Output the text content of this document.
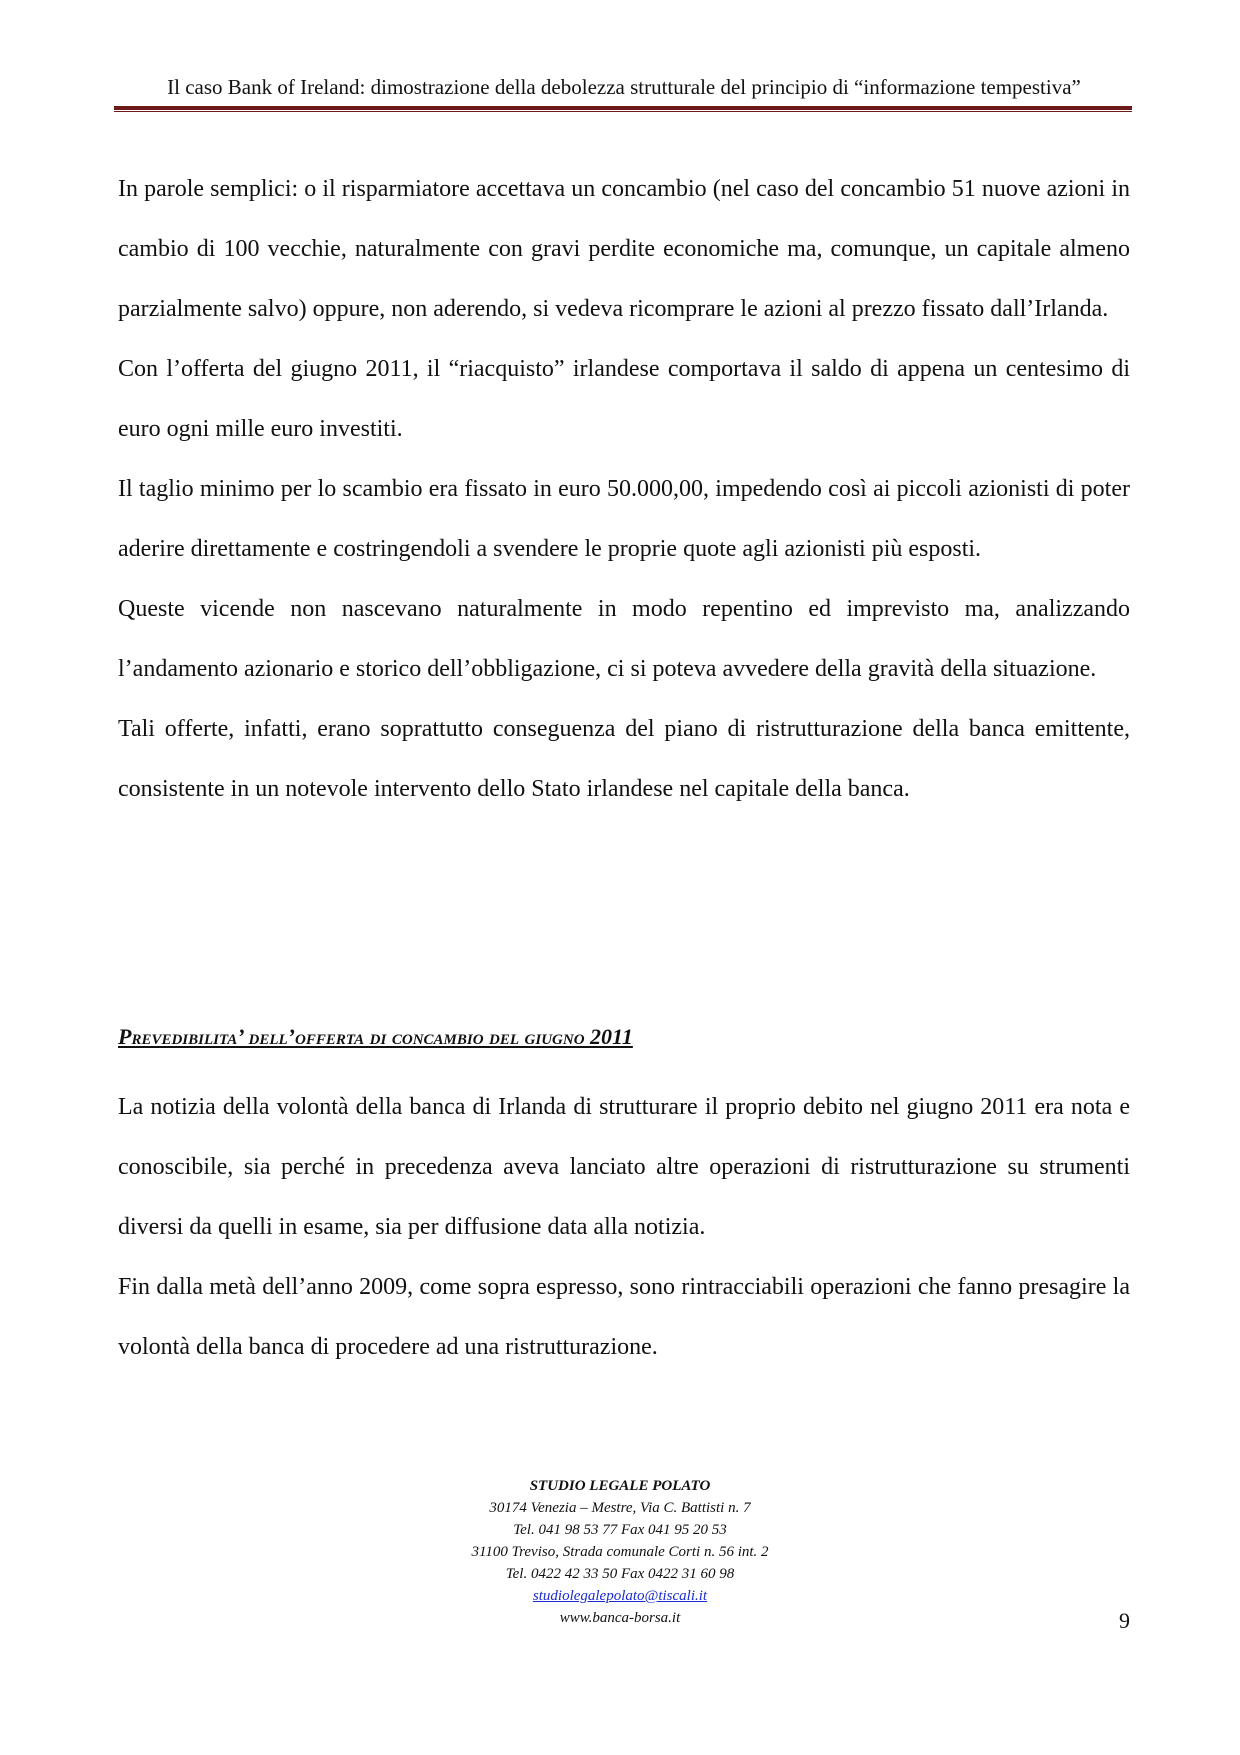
Il caso Bank of Ireland: dimostrazione della debolezza strutturale del principio di “informazione tempestiva”

In parole semplici: o il risparmiatore accettava un concambio (nel caso del concambio 51 nuove azioni in cambio di 100 vecchie, naturalmente con gravi perdite economiche ma, comunque, un capitale almeno parzialmente salvo) oppure, non aderendo, si vedeva ricomprare le azioni al prezzo fissato dall’Irlanda.

Con l’offerta del giugno 2011, il “riacquisto” irlandese comportava il saldo di appena un centesimo di euro ogni mille euro investiti.

Il taglio minimo per lo scambio era fissato in euro 50.000,00, impedendo così ai piccoli azionisti di poter aderire direttamente e costringendoli a svendere le proprie quote agli azionisti più esposti.

Queste vicende non nascevano naturalmente in modo repentino ed imprevisto ma, analizzando l’andamento azionario e storico dell’obbligazione, ci si poteva avvedere della gravità della situazione.

Tali offerte, infatti, erano soprattutto conseguenza del piano di ristrutturazione della banca emittente, consistente in un notevole intervento dello Stato irlandese nel capitale della banca.

Prevedibilita’ dell’offerta di concambio del giugno 2011

La notizia della volontà della banca di Irlanda di strutturare il proprio debito nel giugno 2011 era nota e conoscibile, sia perché in precedenza aveva lanciato altre operazioni di ristrutturazione su strumenti diversi da quelli in esame, sia per diffusione data alla notizia.

Fin dalla metà dell’anno 2009, come sopra espresso, sono rintracciabili operazioni che fanno presagire la volontà della banca di procedere ad una ristrutturazione.

STUDIO LEGALE POLATO
30174 Venezia – Mestre, Via C. Battisti n. 7
Tel. 041 98 53 77 Fax 041 95 20 53
31100 Treviso, Strada comunale Corti n. 56 int. 2
Tel. 0422 42 33 50 Fax 0422 31 60 98
studiolegalepolato@tiscali.it
www.banca-borsa.it	9
